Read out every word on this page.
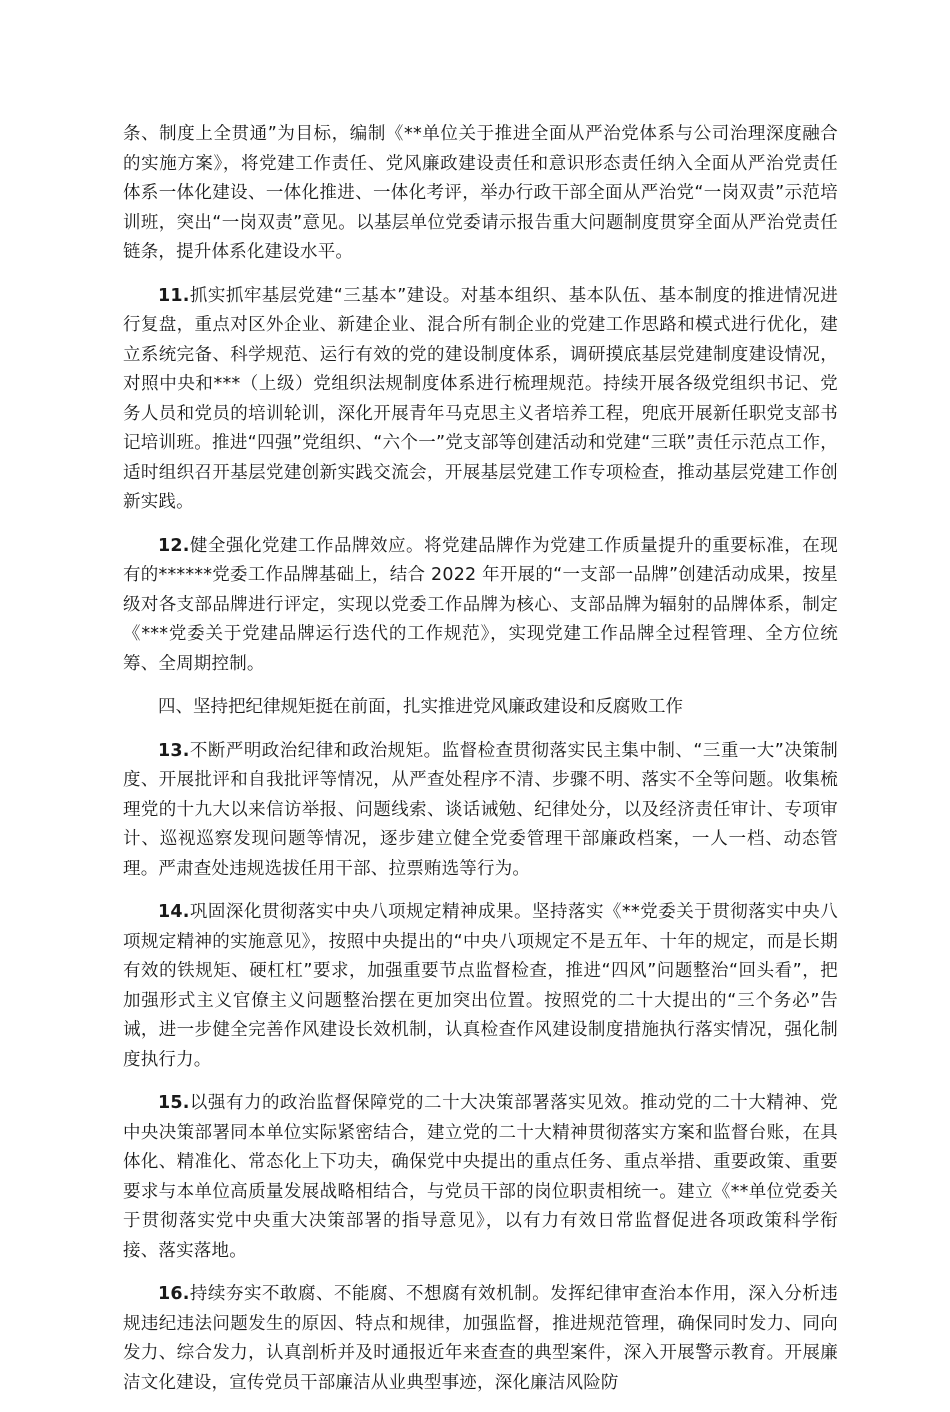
条、制度上全贯通”为目标，编制《**单位关于推进全面从严治党体系与公司治理深度融合的实施方案》，将党建工作责任、党风廉政建设责任和意识形态责任纳入全面从严治党责任体系一体化建设、一体化推进、一体化考评，举办行政干部全面从严治党“一岗双责”示范培训班，突出“一岗双责”意见。以基层单位党委请示报告重大问题制度贯穿全面从严治党责任链条，提升体系化建设水平。

11.抓实抓牢基层党建“三基本”建设。对基本组织、基本队伍、基本制度的推进情况进行复盘，重点对区外企业、新建企业、混合所有制企业的党建工作思路和模式进行优化，建立系统完备、科学规范、运行有效的党的建设制度体系，调研摸底基层党建制度建设情况，对照中央和***（上级）党组织法规制度体系进行梳理规范。持续开展各级党组织书记、党务人员和党员的培训轮训，深化开展青年马克思主义者培养工程，兜底开展新任职党支部书记培训班。推进“四强”党组织、“六个一”党支部等创建活动和党建“三联”责任示范点工作，适时组织召开基层党建创新实践交流会，开展基层党建工作专项检查，推动基层党建工作创新实践。

12.健全强化党建工作品牌效应。将党建品牌作为党建工作质量提升的重要标准，在现有的******党委工作品牌基础上，结合 2022 年开展的“一支部一品牌”创建活动成果，按星级对各支部品牌进行评定，实现以党委工作品牌为核心、支部品牌为辐射的品牌体系，制定《***党委关于党建品牌运行迭代的工作规范》，实现党建工作品牌全过程管理、全方位统筹、全周期控制。

四、坚持把纪律规矩挺在前面，扎实推进党风廉政建设和反腐败工作

13.不断严明政治纪律和政治规矩。监督检查贯彻落实民主集中制、“三重一大”决策制度、开展批评和自我批评等情况，从严查处程序不清、步骤不明、落实不全等问题。收集梳理党的十九大以来信访举报、问题线索、谈话诫勉、纪律处分，以及经济责任审计、专项审计、巡视巡察发现问题等情况，逐步建立健全党委管理干部廉政档案，一人一档、动态管理。严肃查处违规选拔任用干部、拉票贿选等行为。

14.巩固深化贯彻落实中央八项规定精神成果。坚持落实《**党委关于贯彻落实中央八项规定精神的实施意见》，按照中央提出的“中央八项规定不是五年、十年的规定，而是长期有效的铁规矩、硬杠杠”要求，加强重要节点监督检查，推进“四风”问题整治“回头看”，把加强形式主义官僚主义问题整治摆在更加突出位置。按照党的二十大提出的“三个务必”告诫，进一步健全完善作风建设长效机制，认真检查作风建设制度措施执行落实情况，强化制度执行力。

15.以强有力的政治监督保障党的二十大决策部署落实见效。推动党的二十大精神、党中央决策部署同本单位实际紧密结合，建立党的二十大精神贯彻落实方案和监督台账，在具体化、精准化、常态化上下功夫，确保党中央提出的重点任务、重点举措、重要政策、重要要求与本单位高质量发展战略相结合，与党员干部的岗位职责相统一。建立《**单位党委关于贯彻落实党中央重大决策部署的指导意见》，以有力有效日常监督促进各项政策科学衔接、落实落地。

16.持续夯实不敢腐、不能腐、不想腐有效机制。发挥纪律审查治本作用，深入分析违规违纪违法问题发生的原因、特点和规律，加强监督，推进规范管理，确保同时发力、同向发力、综合发力，认真剖析并及时通报近年来查查的典型案件，深入开展警示教育。开展廉洁文化建设，宣传党员干部廉洁从业典型事迹，深化廉洁风险防
